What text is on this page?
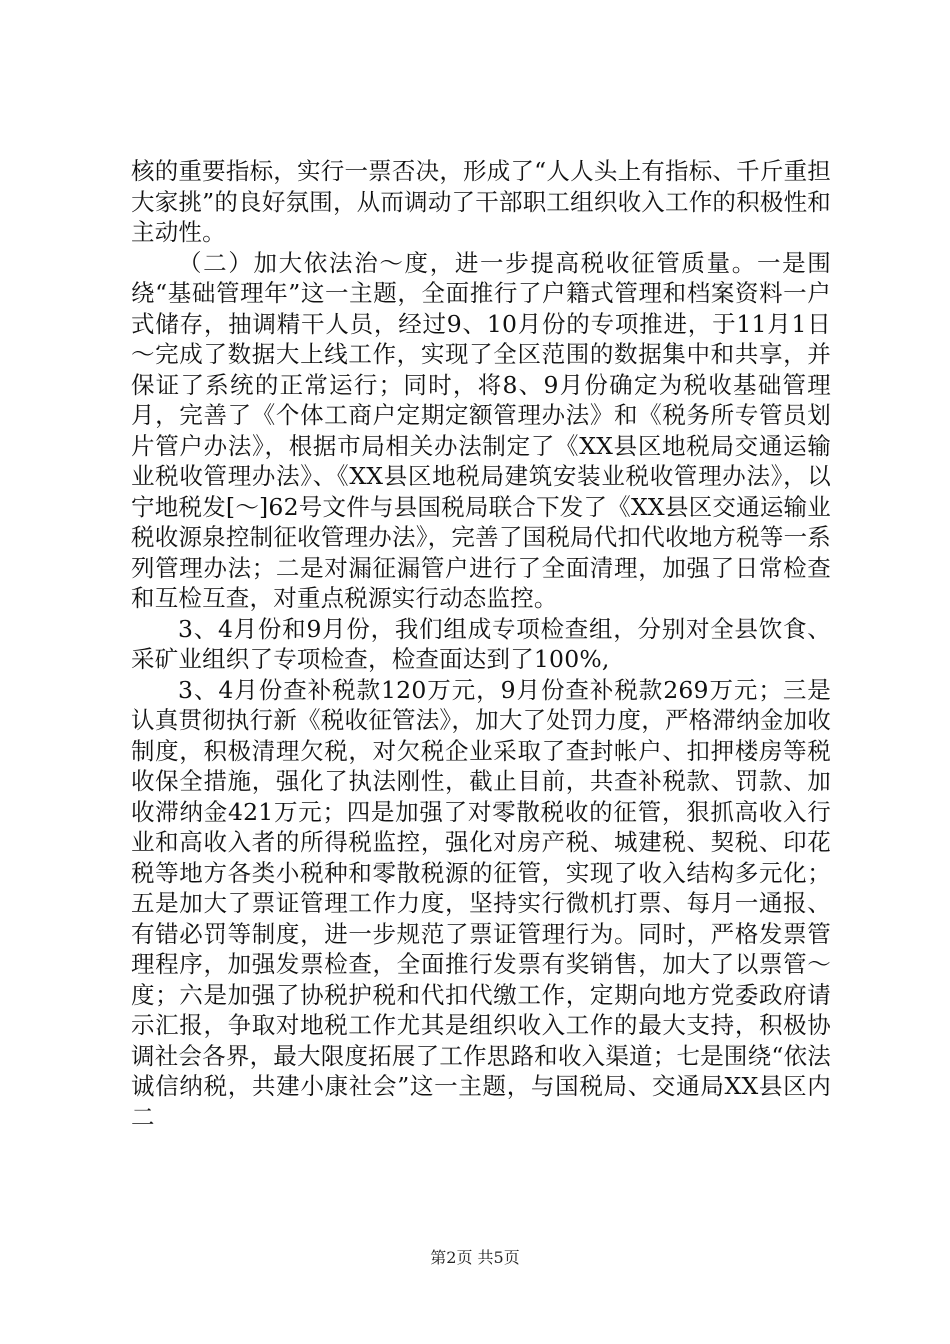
核的重要指标，实行一票否决，形成了“人人头上有指标、千斤重担大家挑”的良好氛围，从而调动了干部职工组织收入工作的积极性和主动性。

（二）加大依法治～度，进一步提高税收征管质量。一是围绕“基础管理年”这一主题，全面推行了户籍式管理和档案资料一户式储存，抽调精干人员，经过9、10月份的专项推进，于11月1日～完成了数据大上线工作，实现了全区范围的数据集中和共享，并保证了系统的正常运行；同时，将8、9月份确定为税收基础管理月，完善了《个体工商户定期定额管理办法》和《税务所专管员划片管户办法》，根据市局相关办法制定了《XX县区地税局交通运输业税收管理办法》、《XX县区地税局建筑安装业税收管理办法》，以宁地税发[～]62号文件与县国税局联合下发了《XX县区交通运输业税收源泉控制征收管理办法》，完善了国税局代扣代收地方税等一系列管理办法；二是对漏征漏管户进行了全面清理，加强了日常检查和互检互查，对重点税源实行动态监控。

3、4月份和9月份，我们组成专项检查组，分别对全县饮食、采矿业组织了专项检查，检查面达到了100%,

3、4月份查补税款120万元，9月份查补税款269万元；三是认真贯彻执行新《税收征管法》，加大了处罚力度，严格滞纳金加收制度，积极清理欠税，对欠税企业采取了查封帐户、扣押楼房等税收保全措施，强化了执法刚性，截止目前，共查补税款、罚款、加收滞纳金421万元；四是加强了对零散税收的征管，狠抓高收入行业和高收入者的所得税监控，强化对房产税、城建税、契税、印花税等地方各类小税种和零散税源的征管，实现了收入结构多元化；五是加大了票证管理工作力度，坚持实行微机打票、每月一通报、有错必罚等制度，进一步规范了票证管理行为。同时，严格发票管理程序，加强发票检查，全面推行发票有奖销售，加大了以票管～度；六是加强了协税护税和代扣代缴工作，定期向地方党委政府请示汇报，争取对地税工作尤其是组织收入工作的最大支持，积极协调社会各界，最大限度拓展了工作思路和收入渠道；七是围绕“依法诚信纳税，共建小康社会”这一主题，与国税局、交通局XX县区内二

第2页 共5页
